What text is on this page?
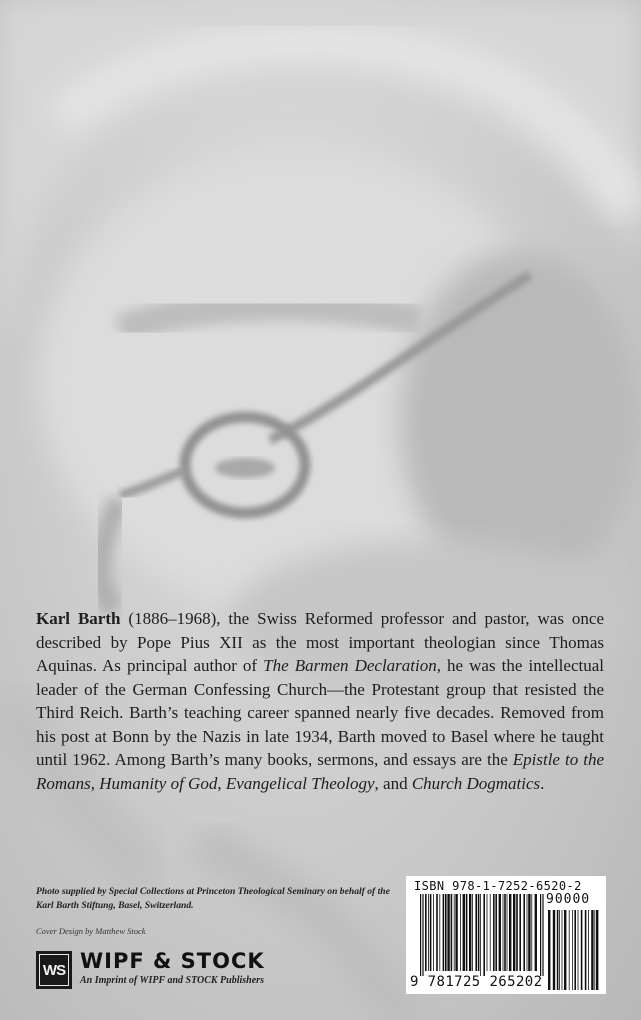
Karl Barth (1886–1968), the Swiss Reformed professor and pastor, was once described by Pope Pius XII as the most important theologian since Thomas Aquinas. As principal author of The Barmen Declaration, he was the intellectual leader of the German Confessing Church—the Protestant group that resisted the Third Reich. Barth’s teaching career spanned nearly five decades. Removed from his post at Bonn by the Nazis in late 1934, Barth moved to Basel where he taught until 1962. Among Barth’s many books, sermons, and essays are the Epistle to the Romans, Humanity of God, Evangelical Theology, and Church Dogmatics.
Photo supplied by Special Collections at Princeton Theological Seminary on behalf of the Karl Barth Stiftung, Basel, Switzerland.
Cover Design by Matthew Stock
WS WIPF & STOCK
An Imprint of WIPF and STOCK Publishers
ISBN 978-1-7252-6520-2
90000
9 781725 265202
